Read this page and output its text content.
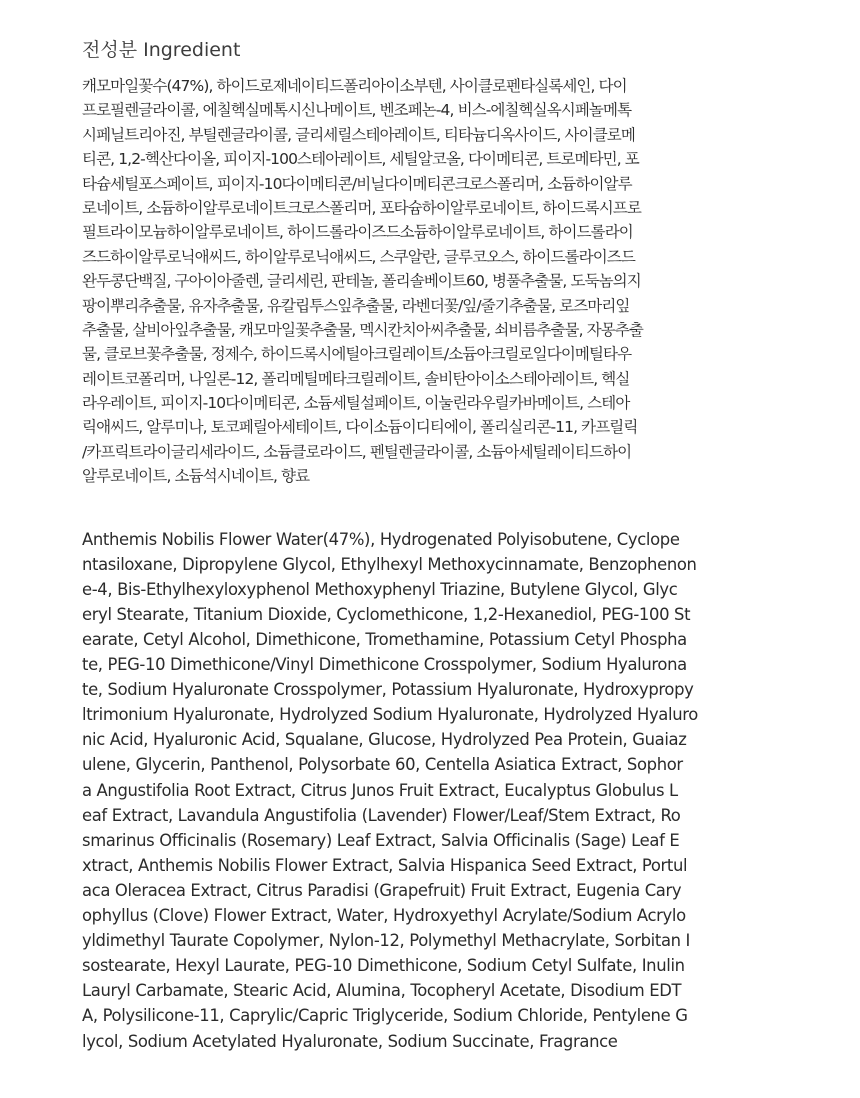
전성분 Ingredient
캐모마일꽃수(47%), 하이드로제네이티드폴리아이소부텐, 사이클로펜타실록세인, 다이
프로필렌글라이콜, 에칠헥실메톡시신나메이트, 벤조페논-4, 비스-에칠헥실옥시페놀메톡
시페닐트리아진, 부틸렌글라이콜, 글리세릴스테아레이트, 티타늄디옥사이드, 사이클로메
티콘, 1,2-헥산다이올, 피이지-100스테아레이트, 세틸알코올, 다이메티콘, 트로메타민, 포
타슘세틸포스페이트, 피이지-10다이메티콘/비닐다이메티콘크로스폴리머, 소듐하이알루
로네이트, 소듐하이알루로네이트크로스폴리머, 포타슘하이알루로네이트, 하이드록시프로
필트라이모늄하이알루로네이트, 하이드롤라이즈드소듐하이알루로네이트, 하이드롤라이
즈드하이알루로닉애씨드, 하이알루로닉애씨드, 스쿠알란, 글루코오스, 하이드롤라이즈드
완두콩단백질, 구아이아줄렌, 글리세린, 판테놀, 폴리솔베이트60, 병풀추출물, 도둑놈의지
팡이뿌리추출물, 유자추출물, 유칼립투스잎추출물, 라벤더꽃/잎/줄기추출물, 로즈마리잎
추출물, 살비아잎추출물, 캐모마일꽃추출물, 멕시칸치아씨추출물, 쇠비름추출물, 자몽추출
물, 클로브꽃추출물, 정제수, 하이드록시에틸아크릴레이트/소듐아크릴로일다이메틸타우
레이트코폴리머, 나일론-12, 폴리메틸메타크릴레이트, 솔비탄아이소스테아레이트, 헥실
라우레이트, 피이지-10다이메티콘, 소듐세틸설페이트, 이눌린라우릴카바메이트, 스테아
릭애씨드, 알루미나, 토코페릴아세테이트, 다이소듐이디티에이, 폴리실리콘-11, 카프릴릭
/카프릭트라이글리세라이드, 소듐클로라이드, 펜틸렌글라이콜, 소듐아세틸레이티드하이
알루로네이트, 소듐석시네이트, 향료
Anthemis Nobilis Flower Water(47%), Hydrogenated Polyisobutene, Cyclope
ntasiloxane, Dipropylene Glycol, Ethylhexyl Methoxycinnamate, Benzophenon
e-4, Bis-Ethylhexyloxyphenol Methoxyphenyl Triazine, Butylene Glycol, Glyc
eryl Stearate, Titanium Dioxide, Cyclomethicone, 1,2-Hexanediol, PEG-100 St
earate, Cetyl Alcohol, Dimethicone, Tromethamine, Potassium Cetyl Phospha
te, PEG-10 Dimethicone/Vinyl Dimethicone Crosspolymer, Sodium Hyalurona
te, Sodium Hyaluronate Crosspolymer, Potassium Hyaluronate, Hydroxypropy
ltrimonium Hyaluronate, Hydrolyzed Sodium Hyaluronate, Hydrolyzed Hyaluro
nic Acid, Hyaluronic Acid, Squalane, Glucose, Hydrolyzed Pea Protein, Guaiaz
ulene, Glycerin, Panthenol, Polysorbate 60, Centella Asiatica Extract, Sophor
a Angustifolia Root Extract, Citrus Junos Fruit Extract, Eucalyptus Globulus L
eaf Extract, Lavandula Angustifolia (Lavender) Flower/Leaf/Stem Extract, Ro
smarinus Officinalis (Rosemary) Leaf Extract, Salvia Officinalis (Sage) Leaf E
xtract, Anthemis Nobilis Flower Extract, Salvia Hispanica Seed Extract, Portul
aca Oleracea Extract, Citrus Paradisi (Grapefruit) Fruit Extract, Eugenia Cary
ophyllus (Clove) Flower Extract, Water, Hydroxyethyl Acrylate/Sodium Acrylo
yldimethyl Taurate Copolymer, Nylon-12, Polymethyl Methacrylate, Sorbitan I
sostearate, Hexyl Laurate, PEG-10 Dimethicone, Sodium Cetyl Sulfate, Inulin
Lauryl Carbamate, Stearic Acid, Alumina, Tocopheryl Acetate, Disodium EDT
A, Polysilicone-11, Caprylic/Capric Triglyceride, Sodium Chloride, Pentylene G
lycol, Sodium Acetylated Hyaluronate, Sodium Succinate, Fragrance
